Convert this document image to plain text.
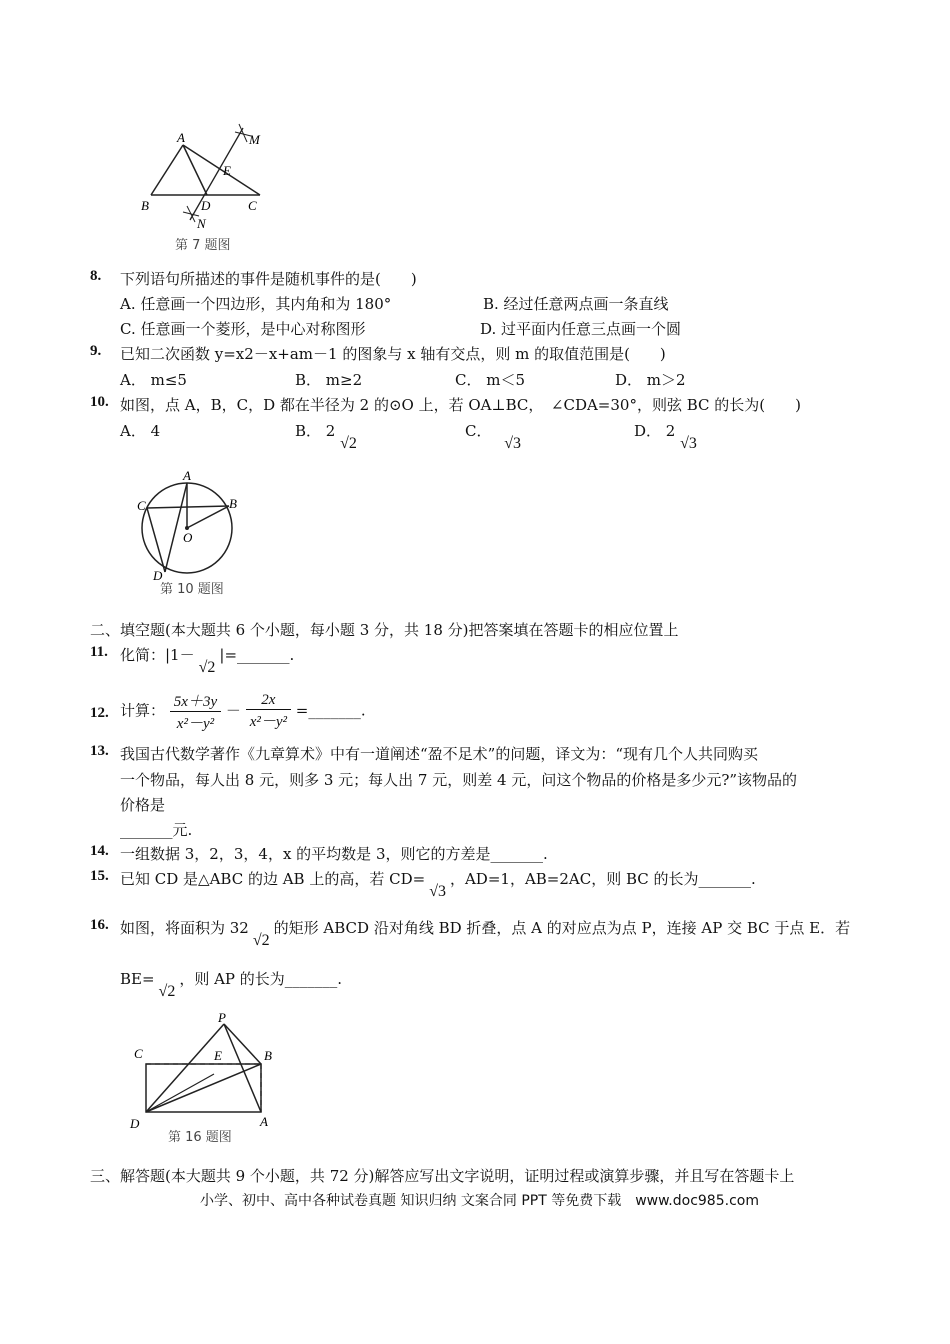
A
B	C
D
E
M
N
第 7 题图
8. 下列语句所描述的事件是随机事件的是(　　)
A. 任意画一个四边形，其内角和为 180°	B. 经过任意两点画一条直线
C. 任意画一个菱形，是中心对称图形	D. 过平面内任意三点画一个圆
9. 已知二次函数 y=x2－x+am－1 的图象与 x 轴有交点，则 m 的取值范围是(　　)
A． m≤5	B． m≥2	C． m＜5	D． m＞2
10. 如图，点 A，B，C，D 都在半径为 2 的⊙O 上，若 OA⊥BC，　∠CDA=30°，则弦 BC 的长为(　　)
A． 4	B． 2 √2
C． √3
D． 2 √3
A
B
C
D
O
第 10 题图
二、填空题(本大题共 6 个小题，每小题 3 分，共 18 分)把答案填在答题卡的相应位置上
11. 化简：|1－√2|=_______.
12. 计算： $\frac{5x+3y}{\text{x²－y²}} - \frac{2x}{\text{x²－y²}}$ =_______.
13. 我国古代数学著作《九章算术》中有一道阐述“盈不足术”的问题，译文为：“现有几个人共同购买
一个物品，每人出 8 元，则多 3 元；每人出 7 元，则差 4 元，问这个物品的价格是多少元?”该物品的
价格是
_______元.
14. 一组数据 3，2，3，4，x 的平均数是 3，则它的方差是_______.
15. 已知 CD 是△ABC 的边 AB 上的高，若 CD=√3，AD=1，AB=2AC，则 BC 的长为_______.
16. 如图，将面积为 32√2的矩形 ABCD 沿对角线 BD 折叠，点 A 的对应点为点 P，连接 AP 交 BC 于点 E．若
BE=√2，则 AP 的长为_______.
P
B
C	E
D	A
第 16 题图
三、解答题(本大题共 9 个小题，共 72 分)解答应写出文字说明，证明过程或演算步骤，并且写在答题卡上
小学、初中、高中各种试卷真题 知识归纳 文案合同 PPT 等免费下载　www.doc985.com
